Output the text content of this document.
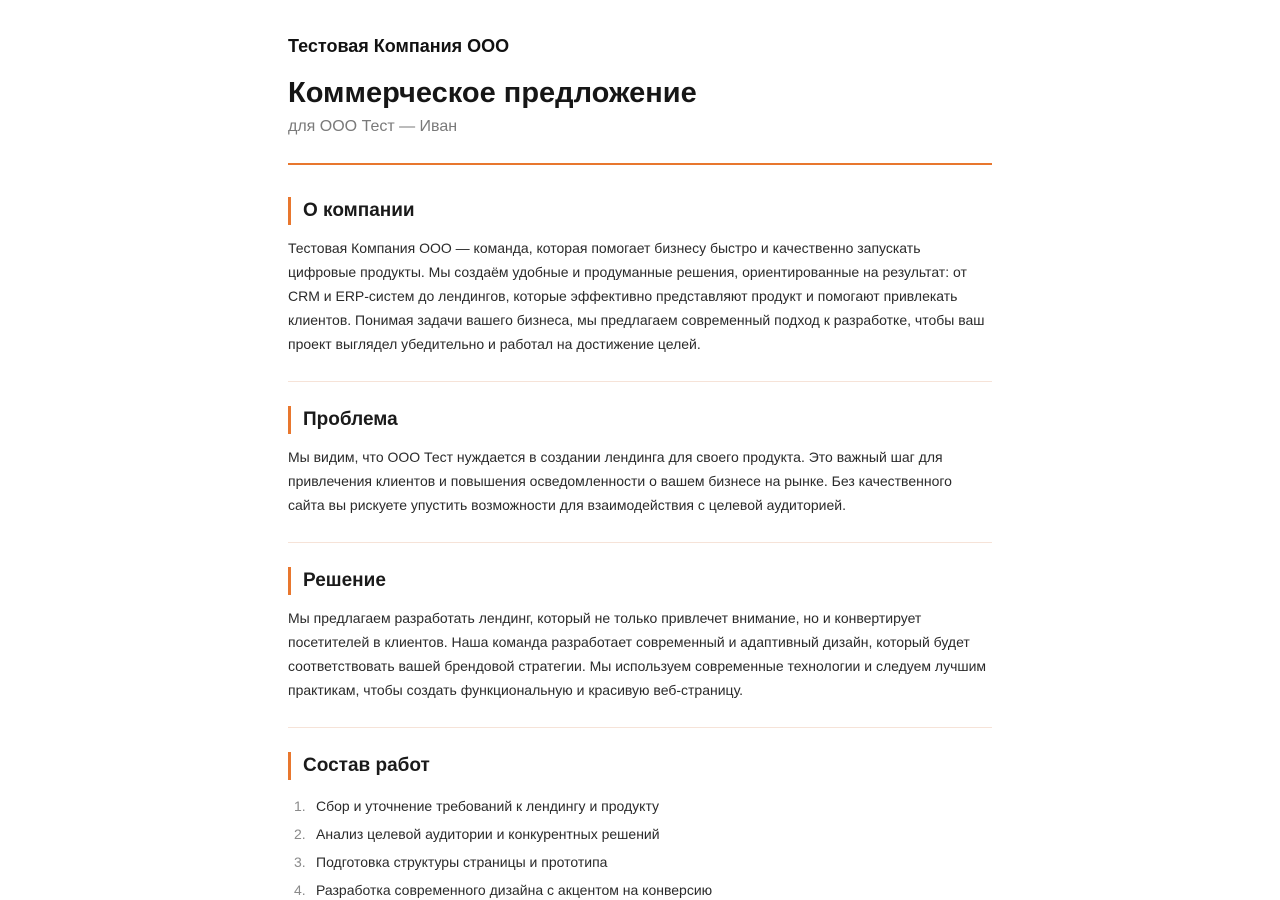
Тестовая Компания ООО
Коммерческое предложение
для ООО Тест — Иван
О компании

Тестовая Компания ООО — команда, которая помогает бизнесу быстро и качественно запускать цифровые продукты. Мы создаём удобные и продуманные решения, ориентированные на результат: от CRM и ERP-систем до лендингов, которые эффективно представляют продукт и помогают привлекать клиентов. Понимая задачи вашего бизнеса, мы предлагаем современный подход к разработке, чтобы ваш проект выглядел убедительно и работал на достижение целей.

Проблема

Мы видим, что ООО Тест нуждается в создании лендинга для своего продукта. Это важный шаг для привлечения клиентов и повышения осведомленности о вашем бизнесе на рынке. Без качественного сайта вы рискуете упустить возможности для взаимодействия с целевой аудиторией.

Решение

Мы предлагаем разработать лендинг, который не только привлечет внимание, но и конвертирует посетителей в клиентов. Наша команда разработает современный и адаптивный дизайн, который будет соответствовать вашей брендовой стратегии. Мы используем современные технологии и следуем лучшим практикам, чтобы создать функциональную и красивую веб-страницу.

Состав работ
1. Сбор и уточнение требований к лендингу и продукту
2. Анализ целевой аудитории и конкурентных решений
3. Подготовка структуры страницы и прототипа
4. Разработка современного дизайна с акцентом на конверсию
